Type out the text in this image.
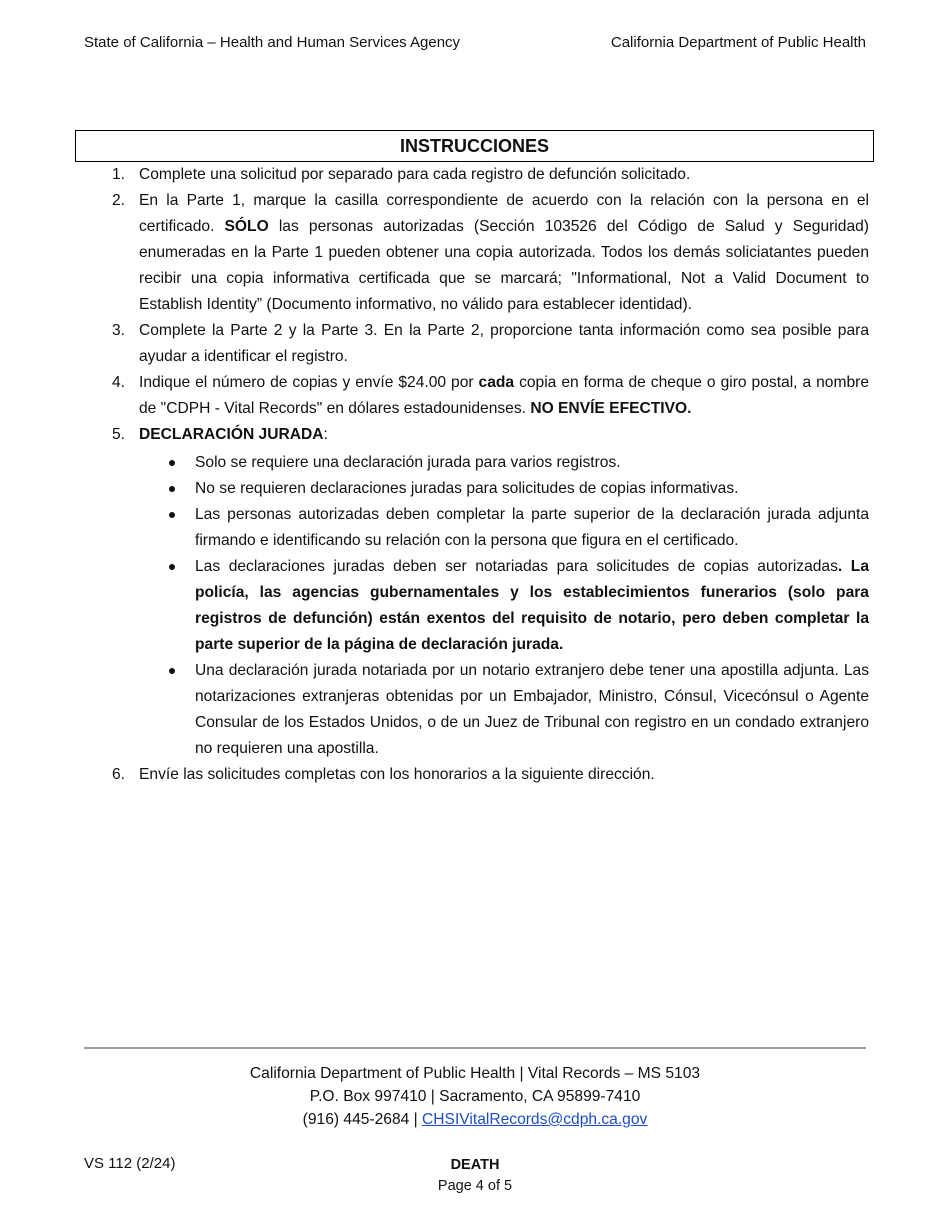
State of California – Health and Human Services Agency	California Department of Public Health
INSTRUCCIONES
1. Complete una solicitud por separado para cada registro de defunción solicitado.
2. En la Parte 1, marque la casilla correspondiente de acuerdo con la relación con la persona en el certificado. SÓLO las personas autorizadas (Sección 103526 del Código de Salud y Seguridad) enumeradas en la Parte 1 pueden obtener una copia autorizada. Todos los demás soliciatantes pueden recibir una copia informativa certificada que se marcará; "Informational, Not a Valid Document to Establish Identity” (Documento informativo, no válido para establecer identidad).
3. Complete la Parte 2 y la Parte 3. En la Parte 2, proporcione tanta información como sea posible para ayudar a identificar el registro.
4. Indique el número de copias y envíe $24.00 por cada copia en forma de cheque o giro postal, a nombre de "CDPH - Vital Records" en dólares estadounidenses. NO ENVÍE EFECTIVO.
5. DECLARACIÓN JURADA:
Solo se requiere una declaración jurada para varios registros.
No se requieren declaraciones juradas para solicitudes de copias informativas.
Las personas autorizadas deben completar la parte superior de la declaración jurada adjunta firmando e identificando su relación con la persona que figura en el certificado.
Las declaraciones juradas deben ser notariadas para solicitudes de copias autorizadas. La policía, las agencias gubernamentales y los establecimientos funerarios (solo para registros de defunción) están exentos del requisito de notario, pero deben completar la parte superior de la página de declaración jurada.
Una declaración jurada notariada por un notario extranjero debe tener una apostilla adjunta. Las notarizaciones extranjeras obtenidas por un Embajador, Ministro, Cónsul, Vicecónsul o Agente Consular de los Estados Unidos, o de un Juez de Tribunal con registro en un condado extranjero no requieren una apostilla.
6. Envíe las solicitudes completas con los honorarios a la siguiente dirección.
California Department of Public Health | Vital Records – MS 5103
P.O. Box 997410 | Sacramento, CA 95899-7410
(916) 445-2684 | CHSIVitalRecords@cdph.ca.gov
VS 112 (2/24)	DEATH
Page 4 of 5
